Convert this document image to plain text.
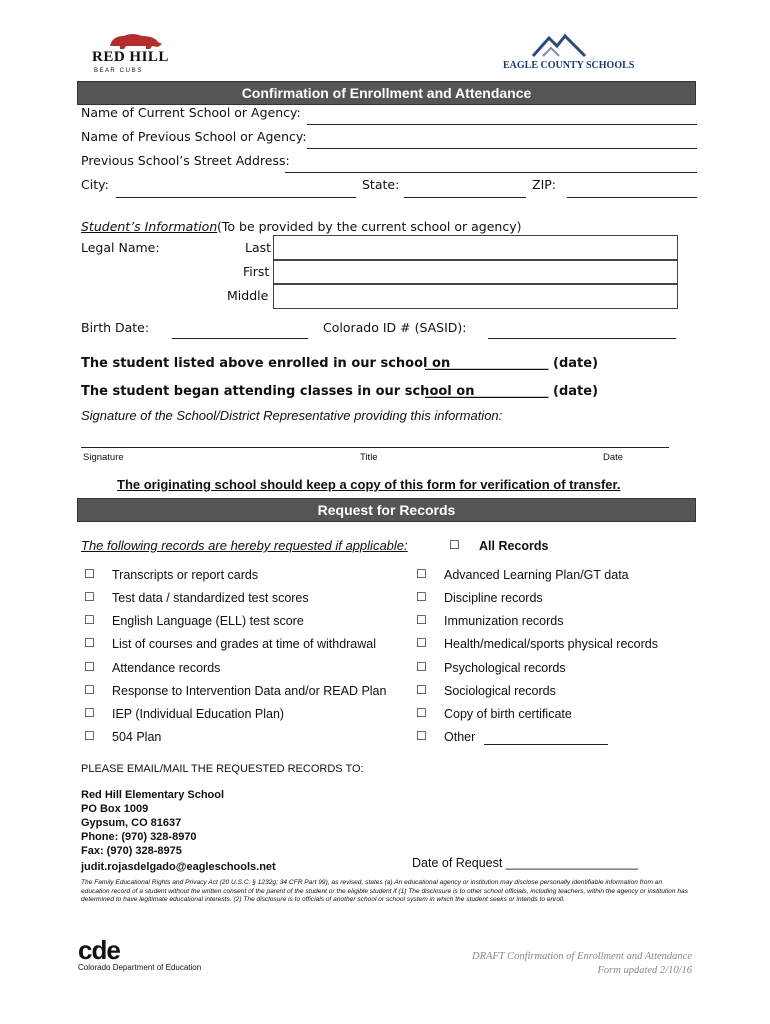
RED HILL
B E A R   C U B S	EAGLE COUNTY SCHOOLS
Confirmation of Enrollment and Attendance
Name of Current School or Agency:
Name of Previous School or Agency:
Previous School’s Street Address:
City:	State:	ZIP:
Student’s Information (To be provided by the current school or agency)
Legal Name:	Last
First
Middle
Birth Date:	Colorado ID # (SASID):
The student listed above enrolled in our school on
___________________ (date)
The student began attending classes in our school on
___________________ (date)
Signature of the School/District Representative providing this information:
Signature	Title	Date
The originating school should keep a copy of this form for verification of transfer.
Request for Records
The following records are hereby requested if applicable:	☐ All Records
☐ Transcripts or report cards
☐ Test data / standardized test scores
☐ English Language (ELL) test score
☐ List of courses and grades at time of withdrawal
☐ Attendance records
☐ Response to Intervention Data and/or READ Plan
☐ IEP (Individual Education Plan)
☐ 504 Plan
☐ Advanced Learning Plan/GT data
☐ Discipline records
☐ Immunization records
☐ Health/medical/sports physical records
☐ Psychological records
☐ Sociological records
☐ Copy of birth certificate
☐ Other
PLEASE EMAIL/MAIL THE REQUESTED RECORDS TO:
Red Hill Elementary School
PO Box 1009
Gypsum, CO 81637
Phone: (970) 328-8970
Fax: (970) 328-8975
judit.rojasdelgado@eagleschools.net	Date of Request ___________________
The Family Educational Rights and Privacy Act (20 U.S.C. § 1232g; 34 CFR Part 99), as revised, states (a) An educational agency or institution may disclose personally identifiable information from an education record of a student without the written consent of the parent of the student or the eligible student if (1) The disclosure is to other school officials, including teachers, within the agency or institution has determined to have legitimate educational interests. (2) The disclosure is to officials of another school or school system in which the student seeks or intends to enroll.
cde
Colorado Department of Education
DRAFT Confirmation of Enrollment and Attendance
Form updated 2/10/16
